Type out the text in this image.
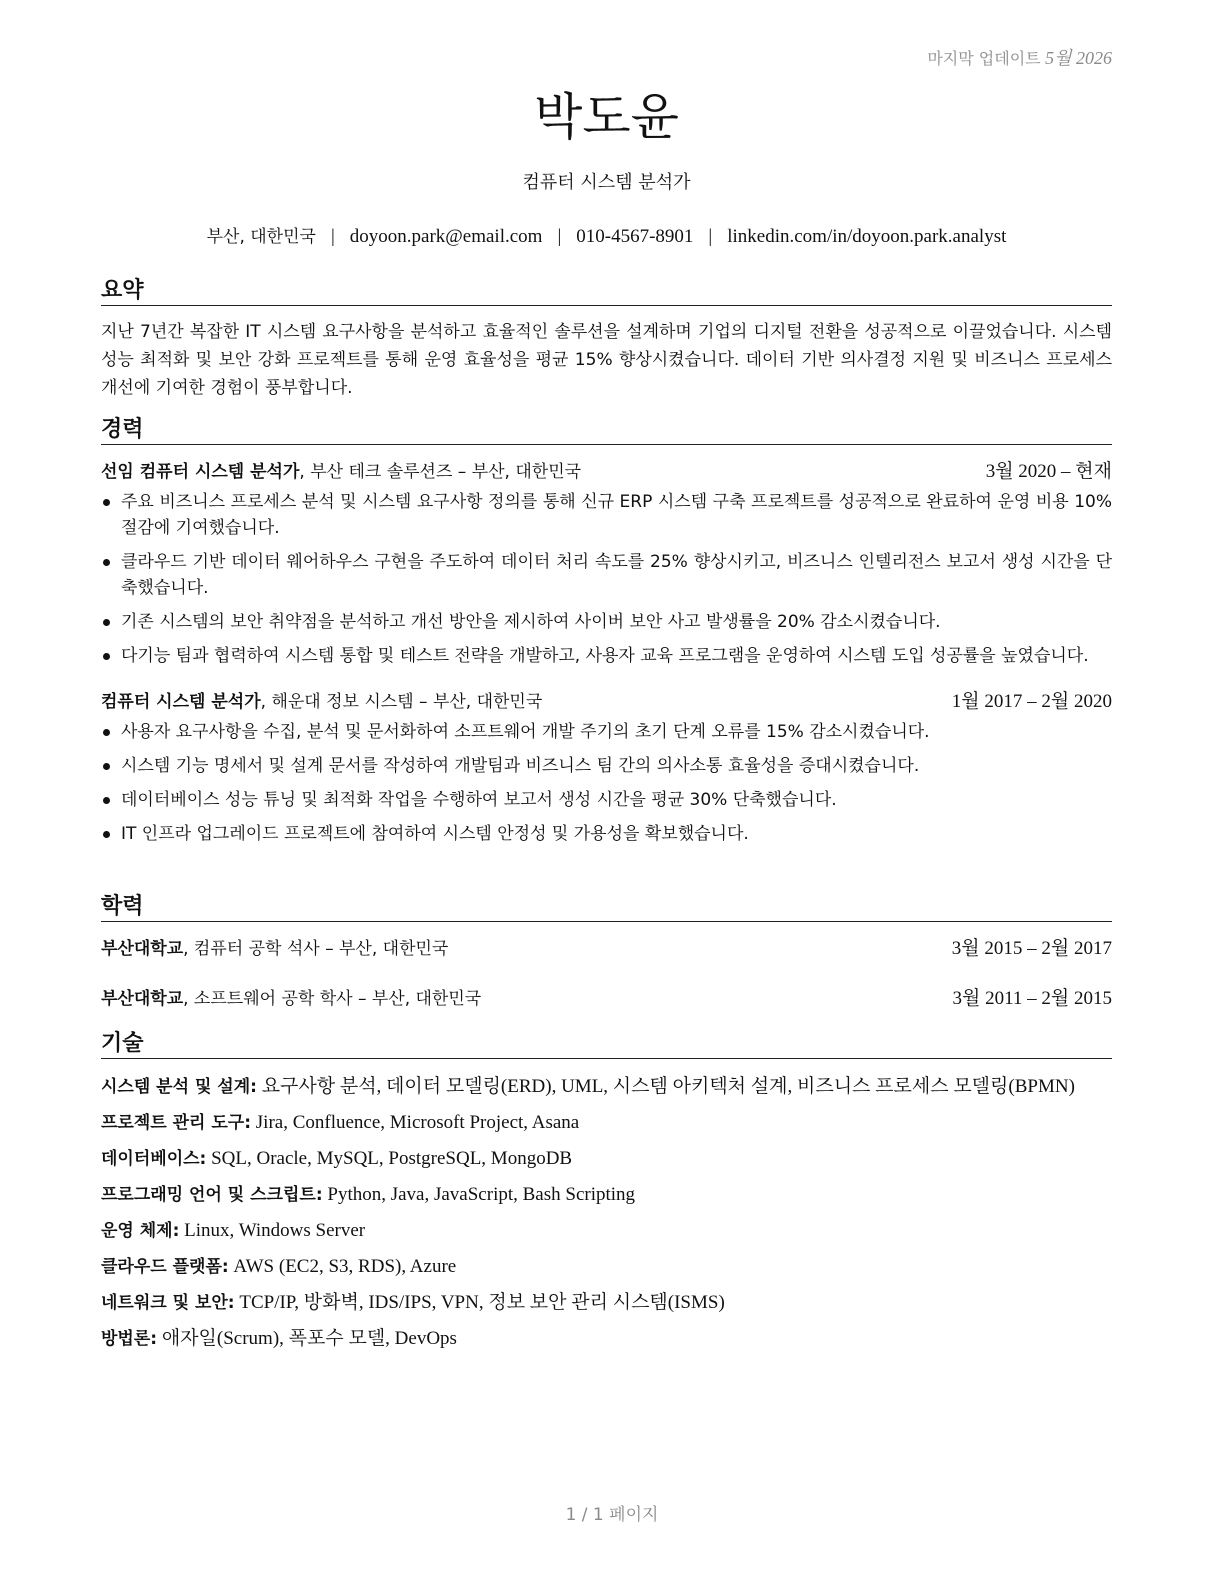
마지막 업데이트 5월 2026
박도윤
컴퓨터 시스템 분석가
부산, 대한민국 | doyoon.park@email.com | 010-4567-8901 | linkedin.com/in/doyoon.park.analyst
요약

지난 7년간 복잡한 IT 시스템 요구사항을 분석하고 효율적인 솔루션을 설계하며 기업의 디지털 전환을 성공적으로 이끌었습니다. 시스템 성능 최적화 및 보안 강화 프로젝트를 통해 운영 효율성을 평균 15% 향상시켰습니다. 데이터 기반 의사결정 지원 및 비즈니스 프로세스 개선에 기여한 경험이 풍부합니다.

경력
선임 컴퓨터 시스템 분석가, 부산 테크 솔루션즈 – 부산, 대한민국	3월 2020 – 현재
주요 비즈니스 프로세스 분석 및 시스템 요구사항 정의를 통해 신규 ERP 시스템 구축 프로젝트를 성공적으로 완료하여 운영 비용 10% 절감에 기여했습니다.
클라우드 기반 데이터 웨어하우스 구현을 주도하여 데이터 처리 속도를 25% 향상시키고, 비즈니스 인텔리전스 보고서 생성 시간을 단축했습니다.
기존 시스템의 보안 취약점을 분석하고 개선 방안을 제시하여 사이버 보안 사고 발생률을 20% 감소시켰습니다.
다기능 팀과 협력하여 시스템 통합 및 테스트 전략을 개발하고, 사용자 교육 프로그램을 운영하여 시스템 도입 성공률을 높였습니다.
컴퓨터 시스템 분석가, 해운대 정보 시스템 – 부산, 대한민국	1월 2017 – 2월 2020
사용자 요구사항을 수집, 분석 및 문서화하여 소프트웨어 개발 주기의 초기 단계 오류를 15% 감소시켰습니다.
시스템 기능 명세서 및 설계 문서를 작성하여 개발팀과 비즈니스 팀 간의 의사소통 효율성을 증대시켰습니다.
데이터베이스 성능 튜닝 및 최적화 작업을 수행하여 보고서 생성 시간을 평균 30% 단축했습니다.
IT 인프라 업그레이드 프로젝트에 참여하여 시스템 안정성 및 가용성을 확보했습니다.
학력
부산대학교, 컴퓨터 공학 석사 – 부산, 대한민국	3월 2015 – 2월 2017
부산대학교, 소프트웨어 공학 학사 – 부산, 대한민국	3월 2011 – 2월 2015
기술
시스템 분석 및 설계: 요구사항 분석, 데이터 모델링(ERD), UML, 시스템 아키텍처 설계, 비즈니스 프로세스 모델링(BPMN)
프로젝트 관리 도구: Jira, Confluence, Microsoft Project, Asana
데이터베이스: SQL, Oracle, MySQL, PostgreSQL, MongoDB
프로그래밍 언어 및 스크립트: Python, Java, JavaScript, Bash Scripting
운영 체제: Linux, Windows Server
클라우드 플랫폼: AWS (EC2, S3, RDS), Azure
네트워크 및 보안: TCP/IP, 방화벽, IDS/IPS, VPN, 정보 보안 관리 시스템(ISMS)
방법론: 애자일(Scrum), 폭포수 모델, DevOps
1 / 1 페이지
